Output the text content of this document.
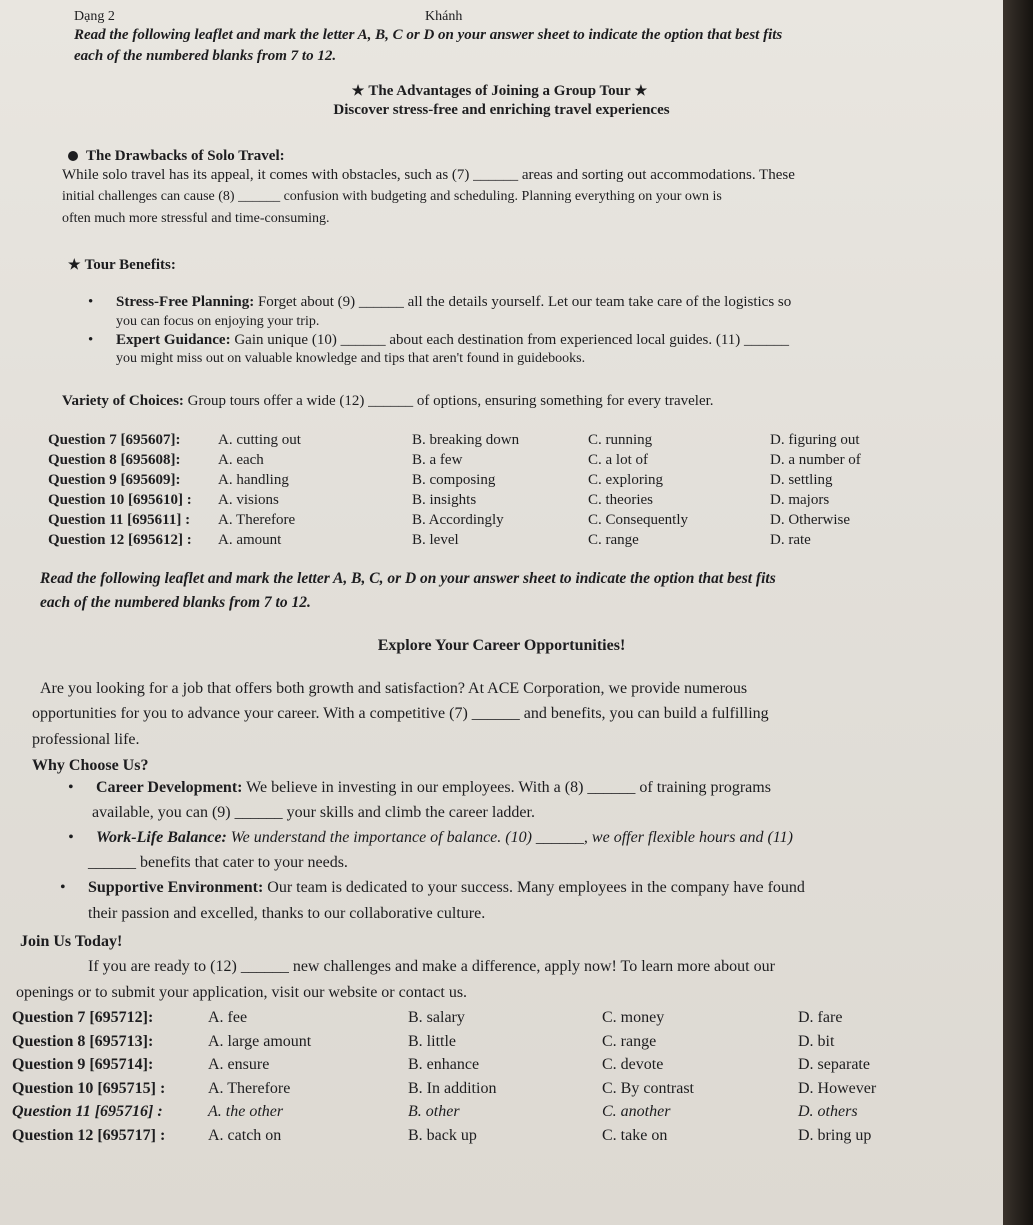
Dạng 2	Khánh
Read the following leaflet and mark the letter A, B, C or D on your answer sheet to indicate the option that best fits
each of the numbered blanks from 7 to 12.
★ The Advantages of Joining a Group Tour ★
Discover stress-free and enriching travel experiences
The Drawbacks of Solo Travel:
While solo travel has its appeal, it comes with obstacles, such as (7) ______ areas and sorting out accommodations. These
initial challenges can cause (8) ______ confusion with budgeting and scheduling. Planning everything on your own is
often much more stressful and time-consuming.
★ Tour Benefits:
• Stress-Free Planning: Forget about (9) ______ all the details yourself. Let our team take care of the logistics so
you can focus on enjoying your trip.
• Expert Guidance: Gain unique (10) ______ about each destination from experienced local guides. (11) ______
you might miss out on valuable knowledge and tips that aren't found in guidebooks.
Variety of Choices: Group tours offer a wide (12) ______ of options, ensuring something for every traveler.
Question 7 [695607]:	A. cutting out	B. breaking down	C. running	D. figuring out
Question 8 [695608]:	A. each	B. a few	C. a lot of	D. a number of
Question 9 [695609]:	A. handling	B. composing	C. exploring	D. settling
Question 10 [695610] : A. visions	B. insights	C. theories	D. majors
Question 11 [695611] : A. Therefore	B. Accordingly	C. Consequently	D. Otherwise
Question 12 [695612] : A. amount	B. level	C. range	D. rate
Read the following leaflet and mark the letter A, B, C, or D on your answer sheet to indicate the option that best fits
each of the numbered blanks from 7 to 12.
Explore Your Career Opportunities!
Are you looking for a job that offers both growth and satisfaction? At ACE Corporation, we provide numerous
opportunities for you to advance your career. With a competitive (7) ______ and benefits, you can build a fulfilling
professional life.
Why Choose Us?
• Career Development: We believe in investing in our employees. With a (8) ______ of training programs
available, you can (9) ______ your skills and climb the career ladder.
• Work-Life Balance: We understand the importance of balance. (10) ______, we offer flexible hours and (11)
______ benefits that cater to your needs.
• Supportive Environment: Our team is dedicated to your success. Many employees in the company have found
their passion and excelled, thanks to our collaborative culture.
Join Us Today!
If you are ready to (12) ______ new challenges and make a difference, apply now! To learn more about our
openings or to submit your application, visit our website or contact us.
Question 7 [695712]:	A. fee	B. salary	C. money	D. fare
Question 8 [695713]:	A. large amount	B. little	C. range	D. bit
Question 9 [695714]:	A. ensure	B. enhance	C. devote	D. separate
Question 10 [695715] :	A. Therefore	B. In addition	C. By contrast	D. However
Question 11 [695716] :	A. the other	B. other	C. another	D. others
Question 12 [695717] :	A. catch on	B. back up	C. take on	D. bring up
